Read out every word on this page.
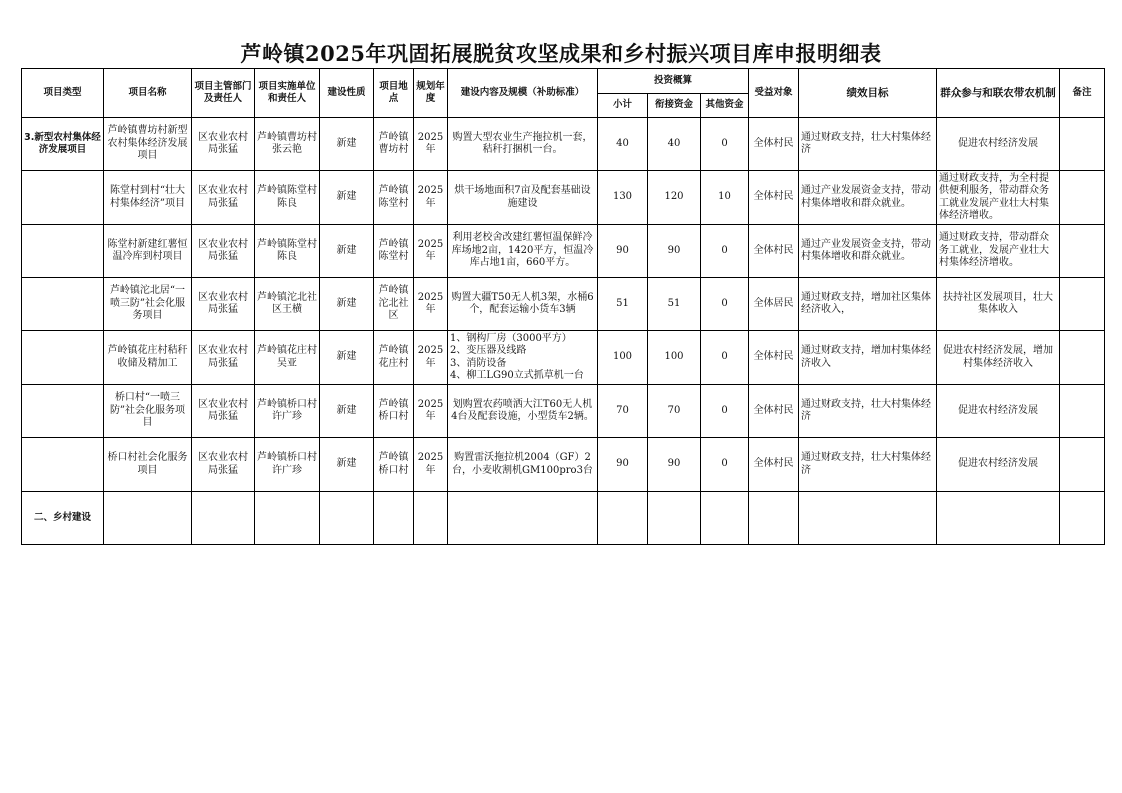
芦岭镇2025年巩固拓展脱贫攻坚成果和乡村振兴项目库申报明细表
项目类型	项目名称	项目主管部门及责任人	项目实施单位和责任人	建设性质	项目地点	规划年度	建设内容及规模（补助标准）	投资概算			受益对象	绩效目标	群众参与和联农带农机制	备注
								小计	衔接资金	其他资金				
3.新型农村集体经济发展项目	芦岭镇曹坊村新型农村集体经济发展项目	区农业农村局张猛	芦岭镇曹坊村张云艳	新建	芦岭镇曹坊村	2025年	购置大型农业生产拖拉机一套，秸秆打捆机一台。	40	40	0	全体村民	通过财政支持，壮大村集体经济	促进农村经济发展	
	陈堂村到村“壮大村集体经济”项目	区农业农村局张猛	芦岭镇陈堂村陈良	新建	芦岭镇陈堂村	2025年	烘干场地面积7亩及配套基础设施建设	130	120	10	全体村民	通过产业发展资金支持，带动村集体增收和群众就业。	通过财政支持，为全村提供便利服务，带动群众务工就业发展产业壮大村集体经济增收。	
	陈堂村新建红薯恒温冷库到村项目	区农业农村局张猛	芦岭镇陈堂村陈良	新建	芦岭镇陈堂村	2025年	利用老校舍改建红薯恒温保鲜冷库场地2亩，1420平方，恒温冷库占地1亩，660平方。	90	90	0	全体村民	通过产业发展资金支持，带动村集体增收和群众就业。	通过财政支持，带动群众务工就业，发展产业壮大村集体经济增收。	
	芦岭镇沱北居“一喷三防”社会化服务项目	区农业农村局张猛	芦岭镇沱北社区王横	新建	芦岭镇沱北社区	2025年	购置大疆T50无人机3架，水桶6个，配套运输小货车3辆	51	51	0	全体居民	通过财政支持，增加社区集体经济收入，	扶持社区发展项目，壮大集体收入	
	芦岭镇花庄村秸秆收储及精加工	区农业农村局张猛	芦岭镇花庄村吴亚	新建	芦岭镇花庄村	2025年	1、钢构厂房（3000平方）
2、变压器及线路
3、消防设备
4、柳工LG90立式抓草机一台	100	100	0	全体村民	通过财政支持，增加村集体经济收入	促进农村经济发展，增加村集体经济收入	
	桥口村“一喷三防”社会化服务项目	区农业农村局张猛	芦岭镇桥口村许广珍	新建	芦岭镇桥口村	2025年	划购置农药喷洒大江T60无人机4台及配套设施，小型货车2辆。	70	70	0	全体村民	通过财政支持，壮大村集体经济	促进农村经济发展	
	桥口村社会化服务项目	区农业农村局张猛	芦岭镇桥口村许广珍	新建	芦岭镇桥口村	2025年	购置雷沃拖拉机2004（GF）2台，小麦收割机GM100pro3台	90	90	0	全体村民	通过财政支持，壮大村集体经济	促进农村经济发展	
二、乡村建设														
